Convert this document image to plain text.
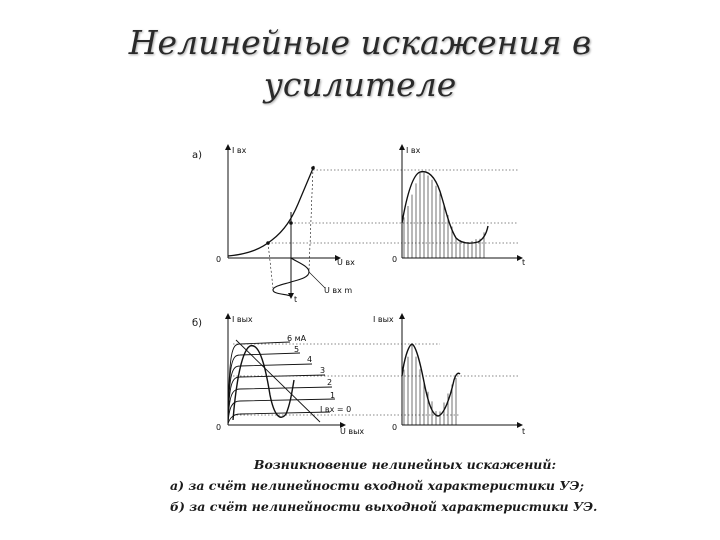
Нелинейные искажения в
усилителе
а)	I вх
U вх
0
t
U вх m
I вх
0	t
б)	I вых
U вых
0
6 мА
5
4
3
2
1
I вх = 0
I вых
0	t
Возникновение нелинейных искажений:
а) за счёт нелинейности входной характеристики УЭ;
б) за счёт нелинейности выходной характеристики УЭ.
